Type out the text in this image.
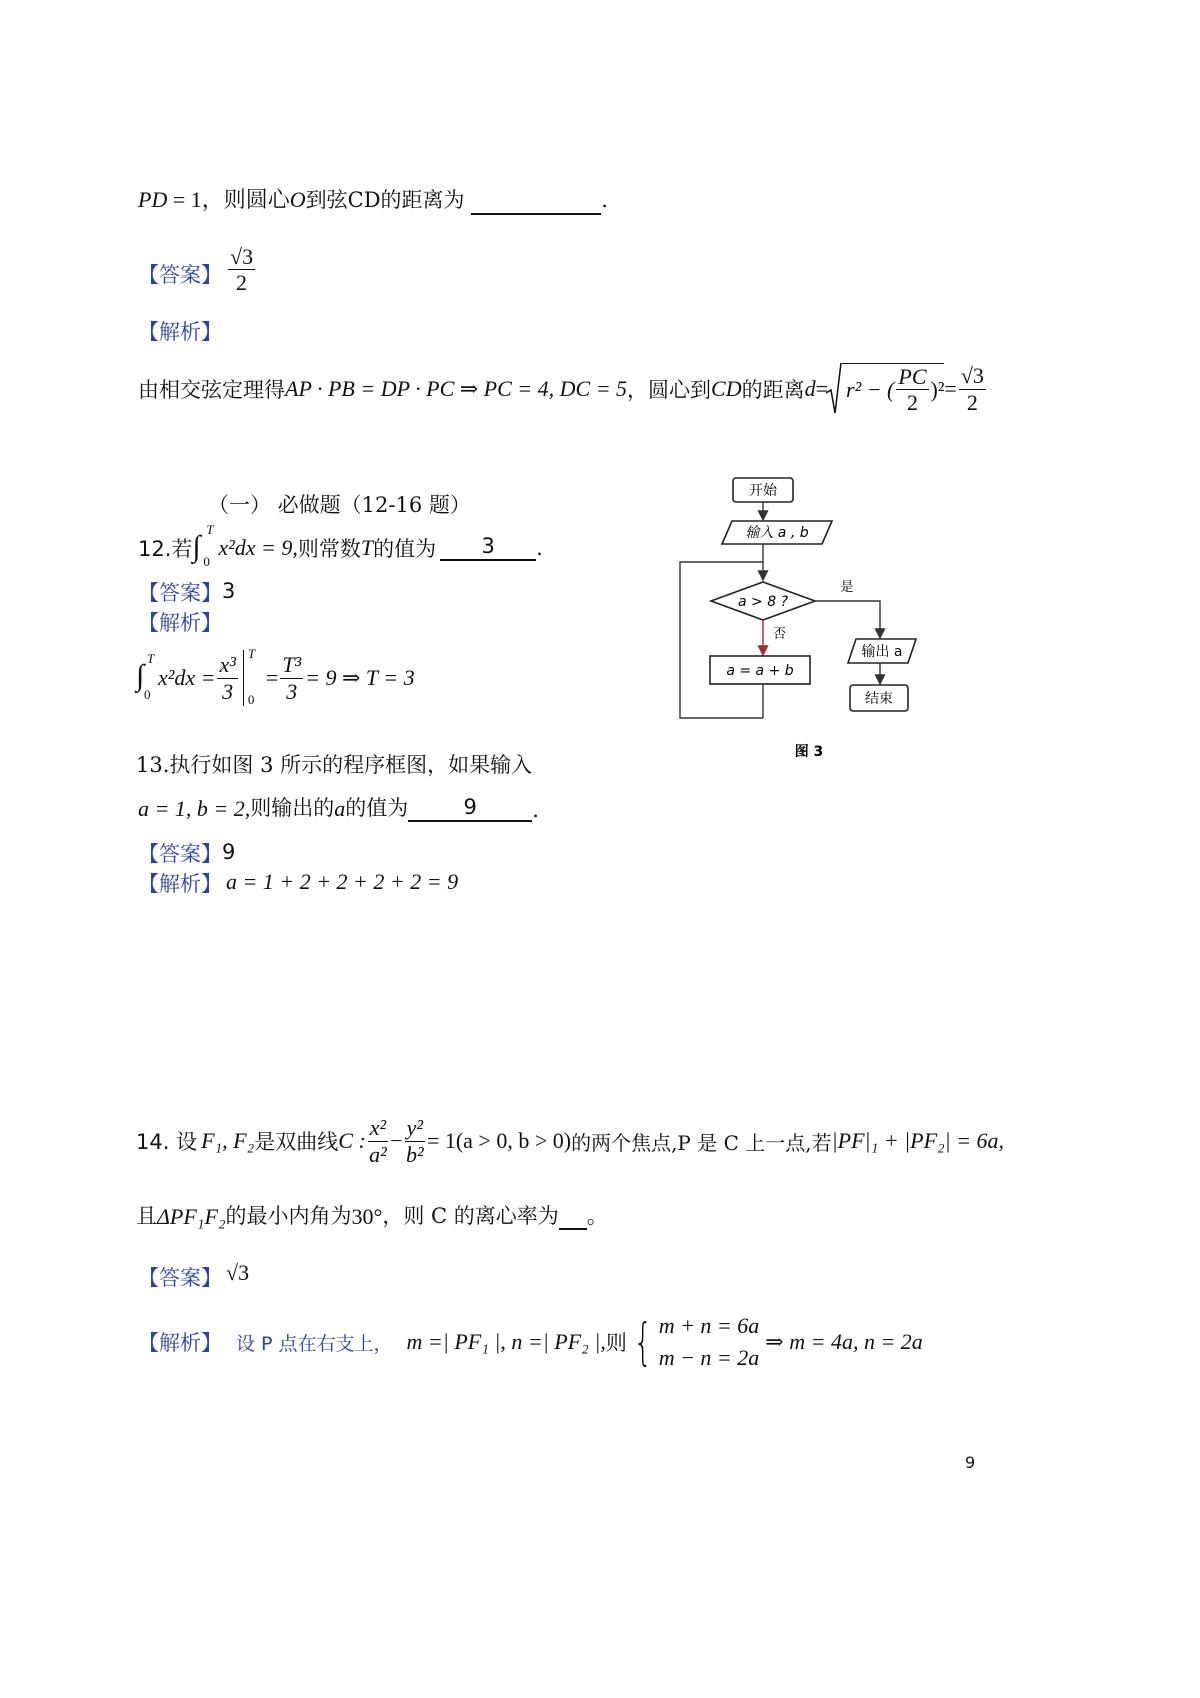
PD = 1，则圆心O到弦CD的距离为	.
【答案】 $\frac{√3}{2}$
【解析】
由相交弦定理得 AP · PB = DP · PC ⇒ PC = 4, DC = 5 ，圆心到 CD 的距离 d = r² − ( $\frac{PC}{2} )^2 = \frac{√3}{2}$
（一） 必做题（12-16 题）
12.若 ∫
T
0
x²dx = 9, 则常数 T 的值为	3	.
【答案】 3
【解析】
∫
T
0
$x^2dx = \frac{\text{x³}}{3}$ T
0
= $\frac{\text{T³}}{3} = 9$ ⇒ T = 3
13.执行如图 3 所示的程序框图，如果输入
a = 1, b = 2, 则输出的 a 的值为	9	.
【答案】 9
【解析】 a = 1 + 2 + 2 + 2 + 2 = 9
开始
输入 a , b
a > 8 ?
是
否
a = a + b
输出 a
结束
图 3
14. 设 F₁, F₂ 是双曲线 C : $\frac{\text{x²}}{\text{a²}} - \frac{\text{y²}}{\text{b²}} = 1(a > 0$, b > 0) 的两个焦点,P 是 C 上一点,若 |PF|₁ + |PF₂| = 6a,
且 ΔPF₁F₂ 的最小内角为 30° ，则 C 的离心率为
。
【答案】 √3
【解析】 设 P 点在右支上， m =| PF₁ |, n =| PF₂ |, 则 { m + n = 6a
m − n = 2a
⇒ m = 4a, n = 2a
9
